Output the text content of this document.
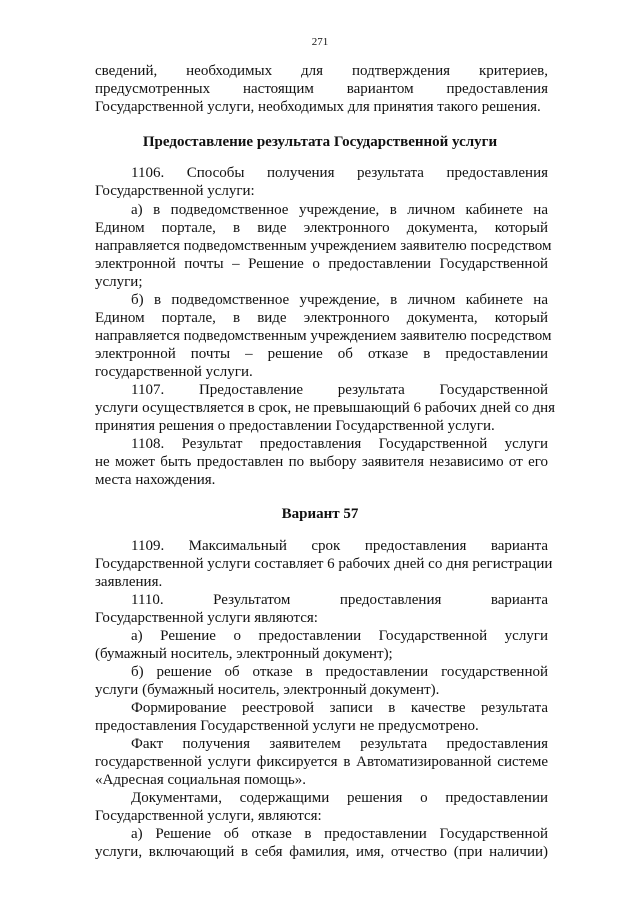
271
сведений, необходимых для подтверждения критериев,
предусмотренных настоящим вариантом предоставления
Государственной услуги, необходимых для принятия такого решения.
Предоставление результата Государственной услуги
1106. Способы получения результата предоставления
Государственной услуги:
а) в подведомственное учреждение, в личном кабинете на
Едином портале, в виде электронного документа, который
направляется подведомственным учреждением заявителю посредством
электронной почты – Решение о предоставлении Государственной
услуги;
б) в подведомственное учреждение, в личном кабинете на
Едином портале, в виде электронного документа, который
направляется подведомственным учреждением заявителю посредством
электронной почты – решение об отказе в предоставлении
государственной услуги.
1107. Предоставление результата Государственной
услуги осуществляется в срок, не превышающий 6 рабочих дней со дня
принятия решения о предоставлении Государственной услуги.
1108. Результат предоставления Государственной услуги
не может быть предоставлен по выбору заявителя независимо от его
места нахождения.
Вариант 57
1109. Максимальный срок предоставления варианта
Государственной услуги составляет 6 рабочих дней со дня регистрации
заявления.
1110. Результатом предоставления варианта
Государственной услуги являются:
а) Решение о предоставлении Государственной услуги
(бумажный носитель, электронный документ);
б) решение об отказе в предоставлении государственной
услуги (бумажный носитель, электронный документ).
Формирование реестровой записи в качестве результата
предоставления Государственной услуги не предусмотрено.
Факт получения заявителем результата предоставления
государственной услуги фиксируется в Автоматизированной системе
«Адресная социальная помощь».
Документами, содержащими решения о предоставлении
Государственной услуги, являются:
а) Решение об отказе в предоставлении Государственной
услуги, включающий в себя фамилия, имя, отчество (при наличии)
